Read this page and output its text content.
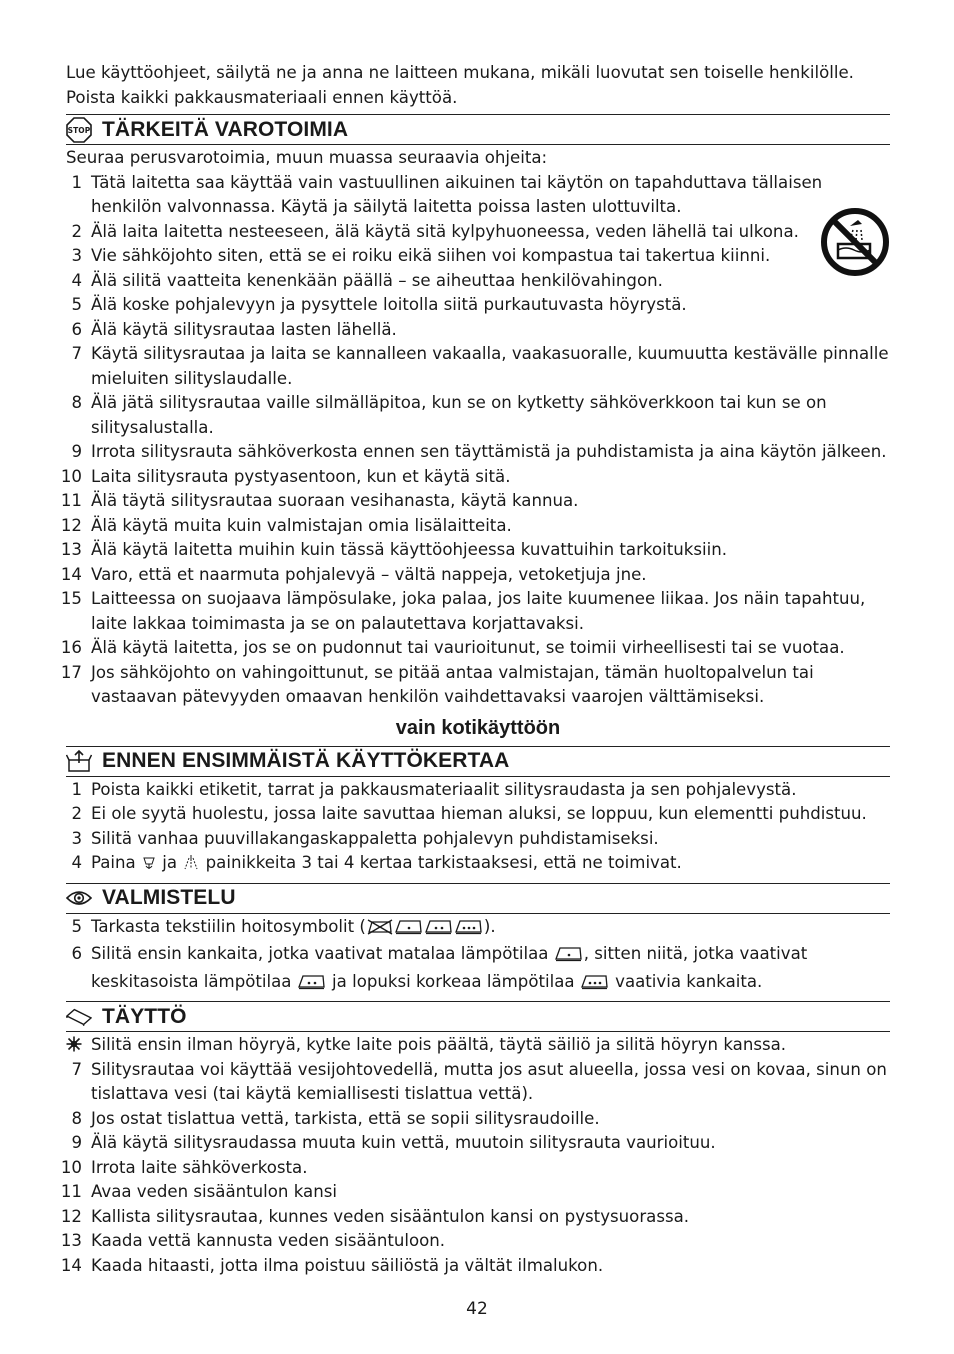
Lue käyttöohjeet, säilytä ne ja anna ne laitteen mukana, mikäli luovutat sen toiselle henkilölle.

Poista kaikki pakkausmateriaali ennen käyttöä.

STOP TÄRKEITÄ VAROTOIMIA

Seuraa perusvarotoimia, muun muassa seuraavia ohjeita:

1 Tätä laitetta saa käyttää vain vastuullinen aikuinen tai käytön on tapahduttava tällaisen henkilön valvonnassa. Käytä ja säilytä laitetta poissa lasten ulottuvilta.
2 Älä laita laitetta nesteeseen, älä käytä sitä kylpyhuoneessa, veden lähellä tai ulkona.
3 Vie sähköjohto siten, että se ei roiku eikä siihen voi kompastua tai takertua kiinni.
4 Älä silitä vaatteita kenenkään päällä – se aiheuttaa henkilövahingon.
5 Älä koske pohjalevyyn ja pysyttele loitolla siitä purkautuvasta höyrystä.
6 Älä käytä silitysrautaa lasten lähellä.
7 Käytä silitysrautaa ja laita se kannalleen vakaalla, vaakasuoralle, kuumuutta kestävälle pinnalle mieluiten silityslaudalle.
8 Älä jätä silitysrautaa vaille silmälläpitoa, kun se on kytketty sähköverkkoon tai kun se on silitysalustalla.
9 Irrota silitysrauta sähköverkosta ennen sen täyttämistä ja puhdistamista ja aina käytön jälkeen.
10 Laita silitysrauta pystyasentoon, kun et käytä sitä.
11 Älä täytä silitysrautaa suoraan vesihanasta, käytä kannua.
12 Älä käytä muita kuin valmistajan omia lisälaitteita.
13 Älä käytä laitetta muihin kuin tässä käyttöohjeessa kuvattuihin tarkoituksiin.
14 Varo, että et naarmuta pohjalevyä – vältä nappeja, vetoketjuja jne.
15 Laitteessa on suojaava lämpösulake, joka palaa, jos laite kuumenee liikaa. Jos näin tapahtuu, laite lakkaa toimimasta ja se on palautettava korjattavaksi.
16 Älä käytä laitetta, jos se on pudonnut tai vaurioitunut, se toimii virheellisesti tai se vuotaa.
17 Jos sähköjohto on vahingoittunut, se pitää antaa valmistajan, tämän huoltopalvelun tai vastaavan pätevyyden omaavan henkilön vaihdettavaksi vaarojen välttämiseksi.

vain kotikäyttöön

ENNEN ENSIMMÄISTÄ KÄYTTÖKERTAA
1 Poista kaikki etiketit, tarrat ja pakkausmateriaalit silitysraudasta ja sen pohjalevystä.
2 Ei ole syytä huolestu, jossa laite savuttaa hieman aluksi, se loppuu, kun elementti puhdistuu.
3 Silitä vanhaa puuvillakangaskappaletta pohjalevyn puhdistamiseksi.
4 Paina ja painikkeita 3 tai 4 kertaa tarkistaaksesi, että ne toimivat.
VALMISTELU
5 Tarkasta tekstiilin hoitosymbolit (	).
6 Silitä ensin kankaita, jotka vaativat matalaa lämpötilaa , sitten niitä, jotka vaativat keskitasoista lämpötilaa ja lopuksi korkeaa lämpötilaa vaativia kankaita.
TÄYTTÖ
Silitä ensin ilman höyryä, kytke laite pois päältä, täytä säiliö ja silitä höyryn kanssa.
7 Silitysrautaa voi käyttää vesijohtovedellä, mutta jos asut alueella, jossa vesi on kovaa, sinun on tislattava vesi (tai käytä kemiallisesti tislattua vettä).
8 Jos ostat tislattua vettä, tarkista, että se sopii silitysraudoille.
9 Älä käytä silitysraudassa muuta kuin vettä, muutoin silitysrauta vaurioituu.
10 Irrota laite sähköverkosta.
11 Avaa veden sisääntulon kansi
12 Kallista silitysrautaa, kunnes veden sisääntulon kansi on pystysuorassa.
13 Kaada vettä kannusta veden sisääntuloon.
14 Kaada hitaasti, jotta ilma poistuu säiliöstä ja vältät ilmalukon.
42
